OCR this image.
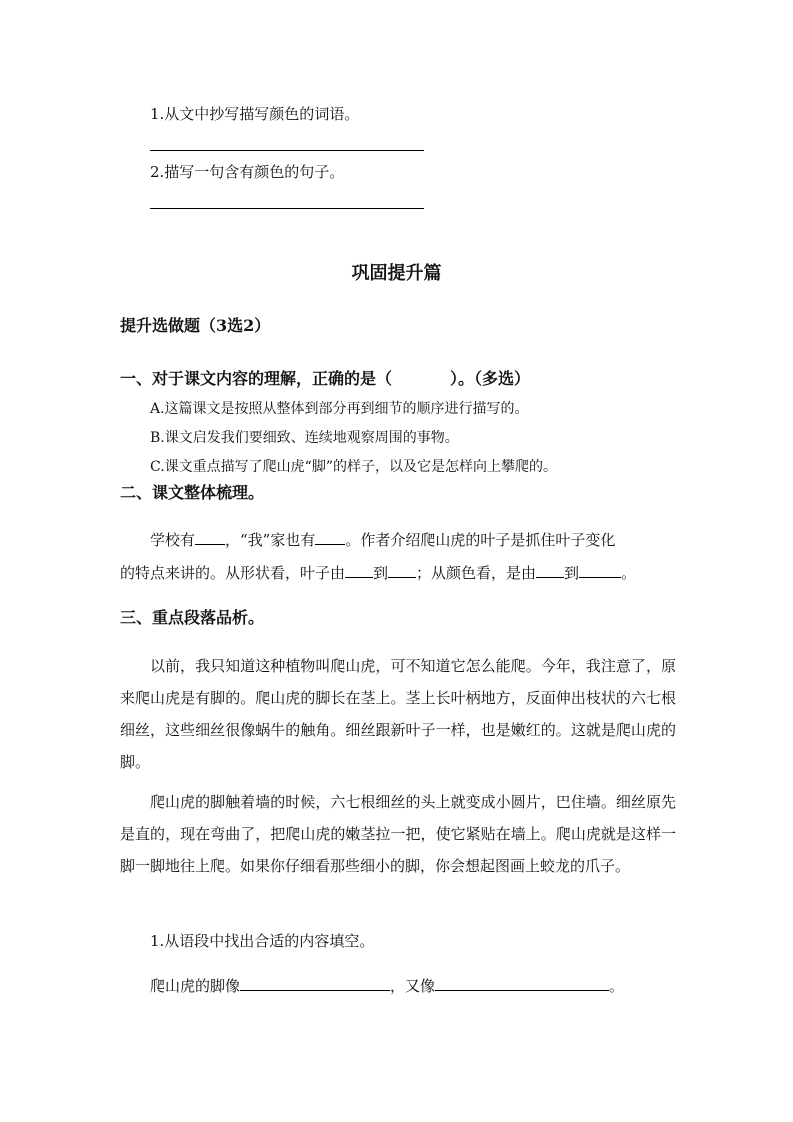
1.从文中抄写描写颜色的词语。
2.描写一句含有颜色的句子。
巩固提升篇
提升选做题（3选2）
一、对于课文内容的理解，正确的是（	）。（多选）
A.这篇课文是按照从整体到部分再到细节的顺序进行描写的。
B.课文启发我们要细致、连续地观察周围的事物。
C.课文重点描写了爬山虎“脚”的样子，以及它是怎样向上攀爬的。
二、课文整体梳理。
学校有 ，“我”家也有 。作者介绍爬山虎的叶子是抓住叶子变化
的特点来讲的。从形状看，叶子由 到 ；从颜色看，是由 到	。
三、重点段落品析。
以前，我只知道这种植物叫爬山虎，可不知道它怎么能爬。今年，我注意了，原来爬山虎是有脚的。爬山虎的脚长在茎上。茎上长叶柄地方，反面伸出枝状的六七根细丝，这些细丝很像蜗牛的触角。细丝跟新叶子一样，也是嫩红的。这就是爬山虎的脚。
爬山虎的脚触着墙的时候，六七根细丝的头上就变成小圆片，巴住墙。细丝原先是直的，现在弯曲了，把爬山虎的嫩茎拉一把，使它紧贴在墙上。爬山虎就是这样一脚一脚地往上爬。如果你仔细看那些细小的脚，你会想起图画上蛟龙的爪子。
1.从语段中找出合适的内容填空。
爬山虎的脚像	，又像	。
